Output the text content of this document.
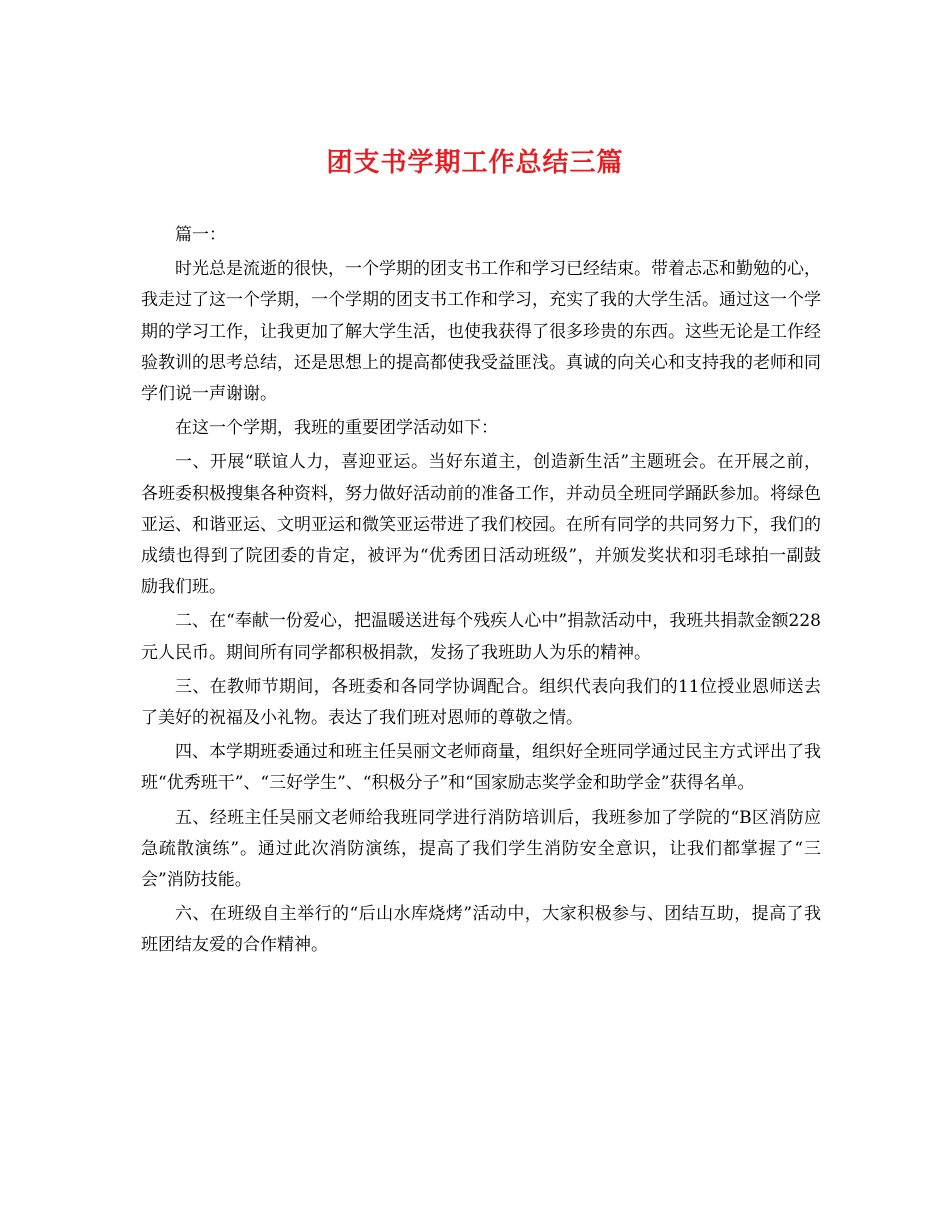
团支书学期工作总结三篇

篇一：

时光总是流逝的很快，一个学期的团支书工作和学习已经结束。带着忐忑和勤勉的心，我走过了这一个学期，一个学期的团支书工作和学习，充实了我的大学生活。通过这一个学期的学习工作，让我更加了解大学生活，也使我获得了很多珍贵的东西。这些无论是工作经验教训的思考总结，还是思想上的提高都使我受益匪浅。真诚的向关心和支持我的老师和同学们说一声谢谢。

在这一个学期，我班的重要团学活动如下：

一、开展“联谊人力，喜迎亚运。当好东道主，创造新生活”主题班会。在开展之前，各班委积极搜集各种资料，努力做好活动前的准备工作，并动员全班同学踊跃参加。将绿色亚运、和谐亚运、文明亚运和微笑亚运带进了我们校园。在所有同学的共同努力下，我们的成绩也得到了院团委的肯定，被评为“优秀团日活动班级”，并颁发奖状和羽毛球拍一副鼓励我们班。

二、在“奉献一份爱心，把温暖送进每个残疾人心中”捐款活动中，我班共捐款金额228元人民币。期间所有同学都积极捐款，发扬了我班助人为乐的精神。

三、在教师节期间，各班委和各同学协调配合。组织代表向我们的11位授业恩师送去了美好的祝福及小礼物。表达了我们班对恩师的尊敬之情。

四、本学期班委通过和班主任吴丽文老师商量，组织好全班同学通过民主方式评出了我班“优秀班干”、“三好学生”、“积极分子”和“国家励志奖学金和助学金”获得名单。

五、经班主任吴丽文老师给我班同学进行消防培训后，我班参加了学院的“B区消防应急疏散演练”。通过此次消防演练，提高了我们学生消防安全意识，让我们都掌握了“三会”消防技能。

六、在班级自主举行的“后山水库烧烤”活动中，大家积极参与、团结互助，提高了我班团结友爱的合作精神。
